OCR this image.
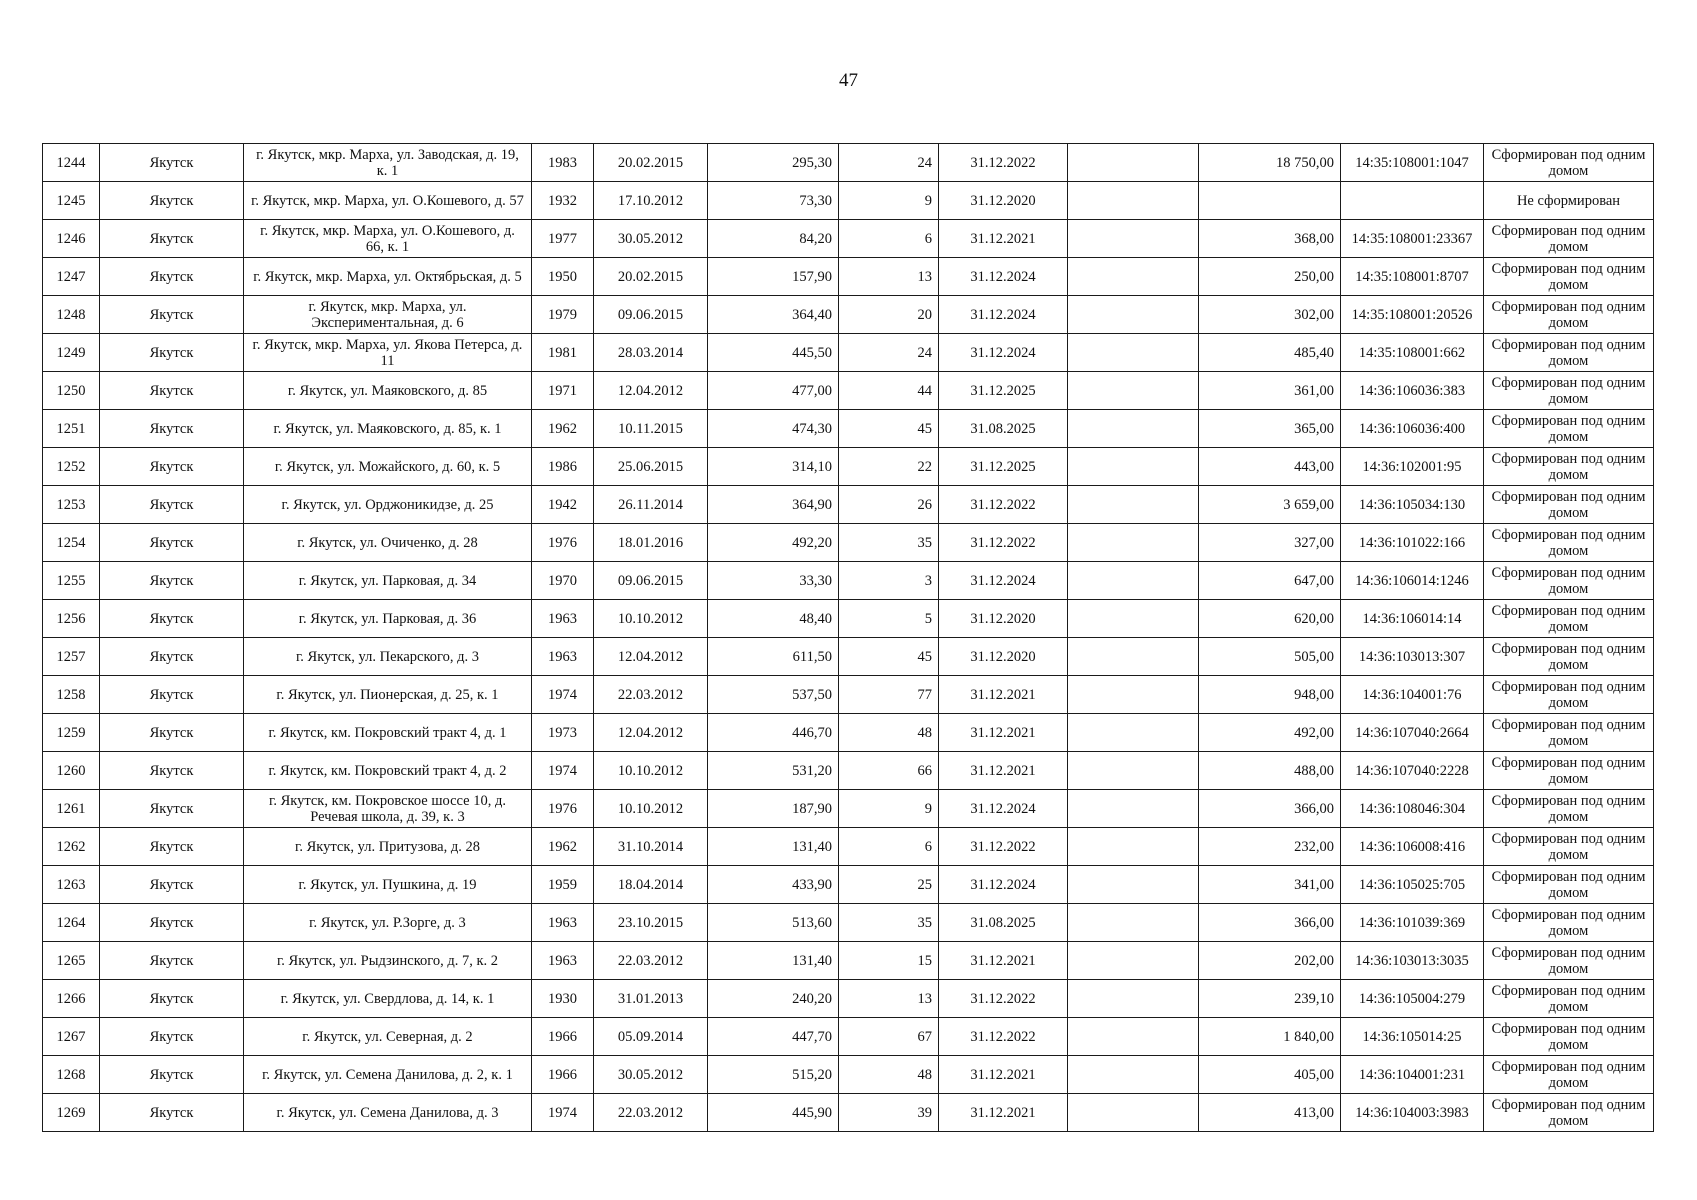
47
1244	Якутск	г. Якутск, мкр. Марха, ул. Заводская, д. 19, к. 1	1983	20.02.2015	295,30	24	31.12.2022		18 750,00	14:35:108001:1047	Сформирован под одним домом
1245	Якутск	г. Якутск, мкр. Марха, ул. О.Кошевого, д. 57	1932	17.10.2012	73,30	9	31.12.2020				Не сформирован
1246	Якутск	г. Якутск, мкр. Марха, ул. О.Кошевого, д. 66, к. 1	1977	30.05.2012	84,20	6	31.12.2021		368,00	14:35:108001:23367	Сформирован под одним домом
1247	Якутск	г. Якутск, мкр. Марха, ул. Октябрьская, д. 5	1950	20.02.2015	157,90	13	31.12.2024		250,00	14:35:108001:8707	Сформирован под одним домом
1248	Якутск	г. Якутск, мкр. Марха, ул. Экспериментальная, д. 6	1979	09.06.2015	364,40	20	31.12.2024		302,00	14:35:108001:20526	Сформирован под одним домом
1249	Якутск	г. Якутск, мкр. Марха, ул. Якова Петерса, д. 11	1981	28.03.2014	445,50	24	31.12.2024		485,40	14:35:108001:662	Сформирован под одним домом
1250	Якутск	г. Якутск, ул. Маяковского, д. 85	1971	12.04.2012	477,00	44	31.12.2025		361,00	14:36:106036:383	Сформирован под одним домом
1251	Якутск	г. Якутск, ул. Маяковского, д. 85, к. 1	1962	10.11.2015	474,30	45	31.08.2025		365,00	14:36:106036:400	Сформирован под одним домом
1252	Якутск	г. Якутск, ул. Можайского, д. 60, к. 5	1986	25.06.2015	314,10	22	31.12.2025		443,00	14:36:102001:95	Сформирован под одним домом
1253	Якутск	г. Якутск, ул. Орджоникидзе, д. 25	1942	26.11.2014	364,90	26	31.12.2022		3 659,00	14:36:105034:130	Сформирован под одним домом
1254	Якутск	г. Якутск, ул. Очиченко, д. 28	1976	18.01.2016	492,20	35	31.12.2022		327,00	14:36:101022:166	Сформирован под одним домом
1255	Якутск	г. Якутск, ул. Парковая, д. 34	1970	09.06.2015	33,30	3	31.12.2024		647,00	14:36:106014:1246	Сформирован под одним домом
1256	Якутск	г. Якутск, ул. Парковая, д. 36	1963	10.10.2012	48,40	5	31.12.2020		620,00	14:36:106014:14	Сформирован под одним домом
1257	Якутск	г. Якутск, ул. Пекарского, д. 3	1963	12.04.2012	611,50	45	31.12.2020		505,00	14:36:103013:307	Сформирован под одним домом
1258	Якутск	г. Якутск, ул. Пионерская, д. 25, к. 1	1974	22.03.2012	537,50	77	31.12.2021		948,00	14:36:104001:76	Сформирован под одним домом
1259	Якутск	г. Якутск, км. Покровский тракт 4, д. 1	1973	12.04.2012	446,70	48	31.12.2021		492,00	14:36:107040:2664	Сформирован под одним домом
1260	Якутск	г. Якутск, км. Покровский тракт 4, д. 2	1974	10.10.2012	531,20	66	31.12.2021		488,00	14:36:107040:2228	Сформирован под одним домом
1261	Якутск	г. Якутск, км. Покровское шоссе 10, д. Речевая школа, д. 39, к. 3	1976	10.10.2012	187,90	9	31.12.2024		366,00	14:36:108046:304	Сформирован под одним домом
1262	Якутск	г. Якутск, ул. Притузова, д. 28	1962	31.10.2014	131,40	6	31.12.2022		232,00	14:36:106008:416	Сформирован под одним домом
1263	Якутск	г. Якутск, ул. Пушкина, д. 19	1959	18.04.2014	433,90	25	31.12.2024		341,00	14:36:105025:705	Сформирован под одним домом
1264	Якутск	г. Якутск, ул. Р.Зорге, д. 3	1963	23.10.2015	513,60	35	31.08.2025		366,00	14:36:101039:369	Сформирован под одним домом
1265	Якутск	г. Якутск, ул. Рыдзинского, д. 7, к. 2	1963	22.03.2012	131,40	15	31.12.2021		202,00	14:36:103013:3035	Сформирован под одним домом
1266	Якутск	г. Якутск, ул. Свердлова, д. 14, к. 1	1930	31.01.2013	240,20	13	31.12.2022		239,10	14:36:105004:279	Сформирован под одним домом
1267	Якутск	г. Якутск, ул. Северная, д. 2	1966	05.09.2014	447,70	67	31.12.2022		1 840,00	14:36:105014:25	Сформирован под одним домом
1268	Якутск	г. Якутск, ул. Семена Данилова, д. 2, к. 1	1966	30.05.2012	515,20	48	31.12.2021		405,00	14:36:104001:231	Сформирован под одним домом
1269	Якутск	г. Якутск, ул. Семена Данилова, д. 3	1974	22.03.2012	445,90	39	31.12.2021		413,00	14:36:104003:3983	Сформирован под одним домом
